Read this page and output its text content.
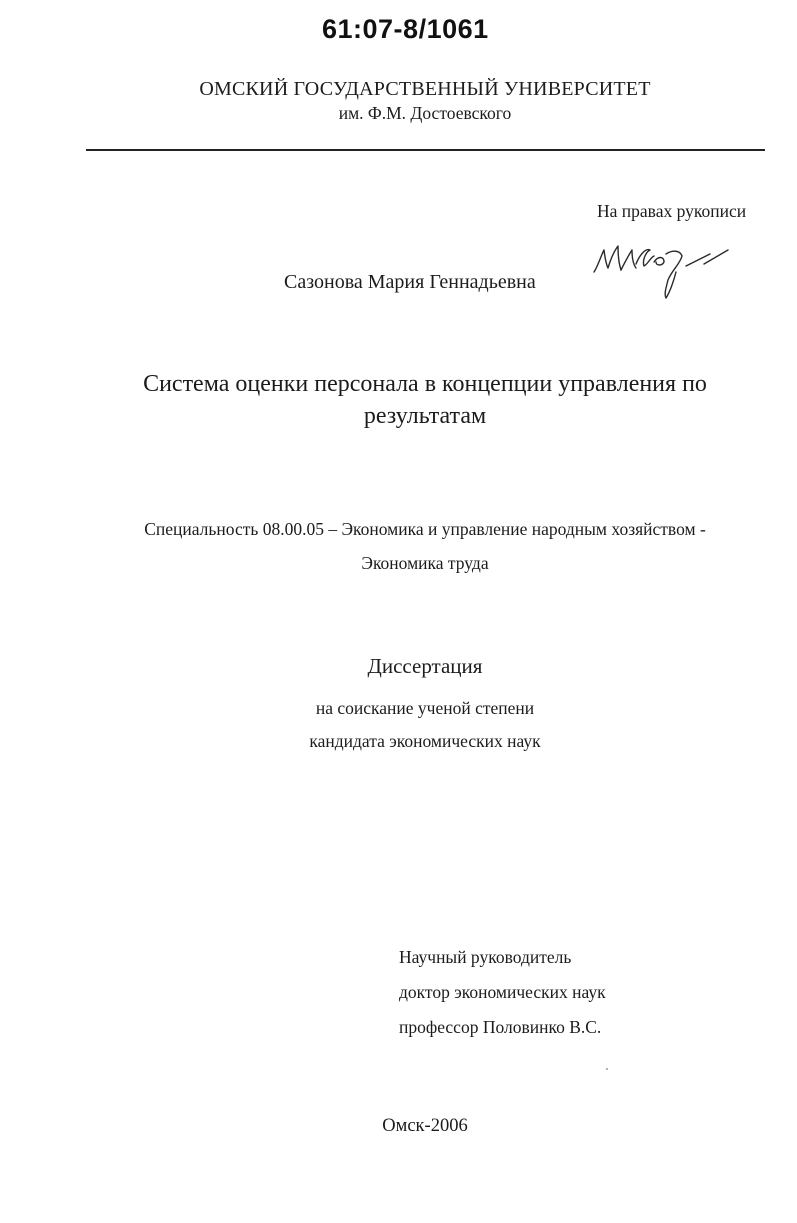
61:07-8/1061
ОМСКИЙ ГОСУДАРСТВЕННЫЙ УНИВЕРСИТЕТ
им. Ф.М. Достоевского
На правах рукописи
Сазонова Мария Геннадьевна
Система оценки персонала в концепции управления по
результатам
Специальность 08.00.05 – Экономика и управление народным хозяйством -
Экономика труда
Диссертация
на соискание ученой степени
кандидата экономических наук
Научный руководитель
доктор экономических наук
профессор Половинко В.С.
Омск-2006
